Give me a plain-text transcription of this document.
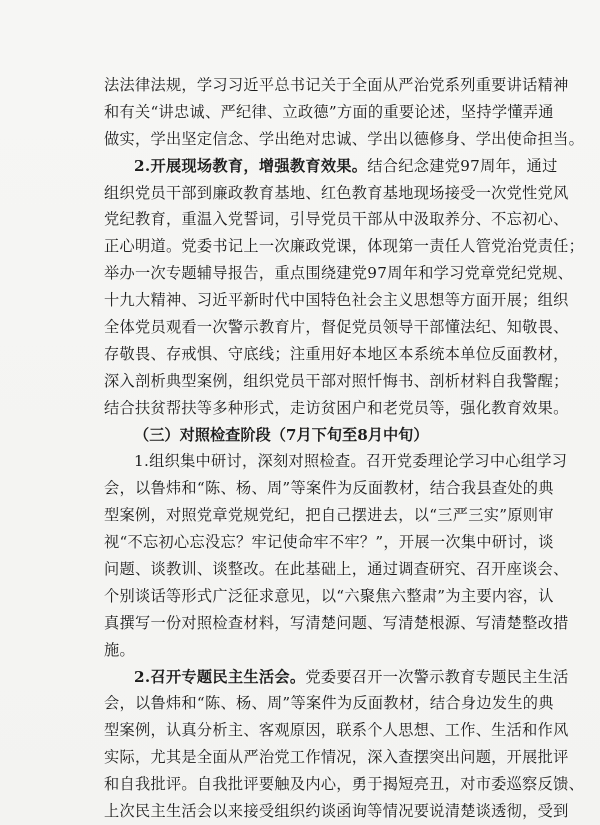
法法律法规，学习习近平总书记关于全面从严治党系列重要讲话精神
和有关“讲忠诚、严纪律、立政德”方面的重要论述，坚持学懂弄通
做实，学出坚定信念、学出绝对忠诚、学出以德修身、学出使命担当。
2.开展现场教育，增强教育效果。结合纪念建党97周年，通过
组织党员干部到廉政教育基地、红色教育基地现场接受一次党性党风
党纪教育，重温入党誓词，引导党员干部从中汲取养分、不忘初心、
正心明道。党委书记上一次廉政党课，体现第一责任人管党治党责任；
举办一次专题辅导报告，重点围绕建党97周年和学习党章党纪党规、
十九大精神、习近平新时代中国特色社会主义思想等方面开展；组织
全体党员观看一次警示教育片，督促党员领导干部懂法纪、知敬畏、
存敬畏、存戒惧、守底线；注重用好本地区本系统本单位反面教材，
深入剖析典型案例，组织党员干部对照忏悔书、剖析材料自我警醒；
结合扶贫帮扶等多种形式，走访贫困户和老党员等，强化教育效果。
（三）对照检查阶段（7月下旬至8月中旬）
1.组织集中研讨，深刻对照检查。召开党委理论学习中心组学习
会，以鲁炜和“陈、杨、周”等案件为反面教材，结合我县查处的典
型案例，对照党章党规党纪，把自己摆进去，以“三严三实”原则审
视“不忘初心忘没忘？牢记使命牢不牢？”，开展一次集中研讨，谈
问题、谈教训、谈整改。在此基础上，通过调查研究、召开座谈会、
个别谈话等形式广泛征求意见，以“六聚焦六整肃”为主要内容，认
真撰写一份对照检查材料，写清楚问题、写清楚根源、写清楚整改措
施。
2.召开专题民主生活会。党委要召开一次警示教育专题民主生活
会，以鲁炜和“陈、杨、周”等案件为反面教材，结合身边发生的典
型案例，认真分析主、客观原因，联系个人思想、工作、生活和作风
实际，尤其是全面从严治党工作情况，深入查摆突出问题，开展批评
和自我批评。自我批评要触及内心，勇于揭短亮丑，对市委巡察反馈、
上次民主生活会以来接受组织约谈函询等情况要说清楚谈透彻，受到
